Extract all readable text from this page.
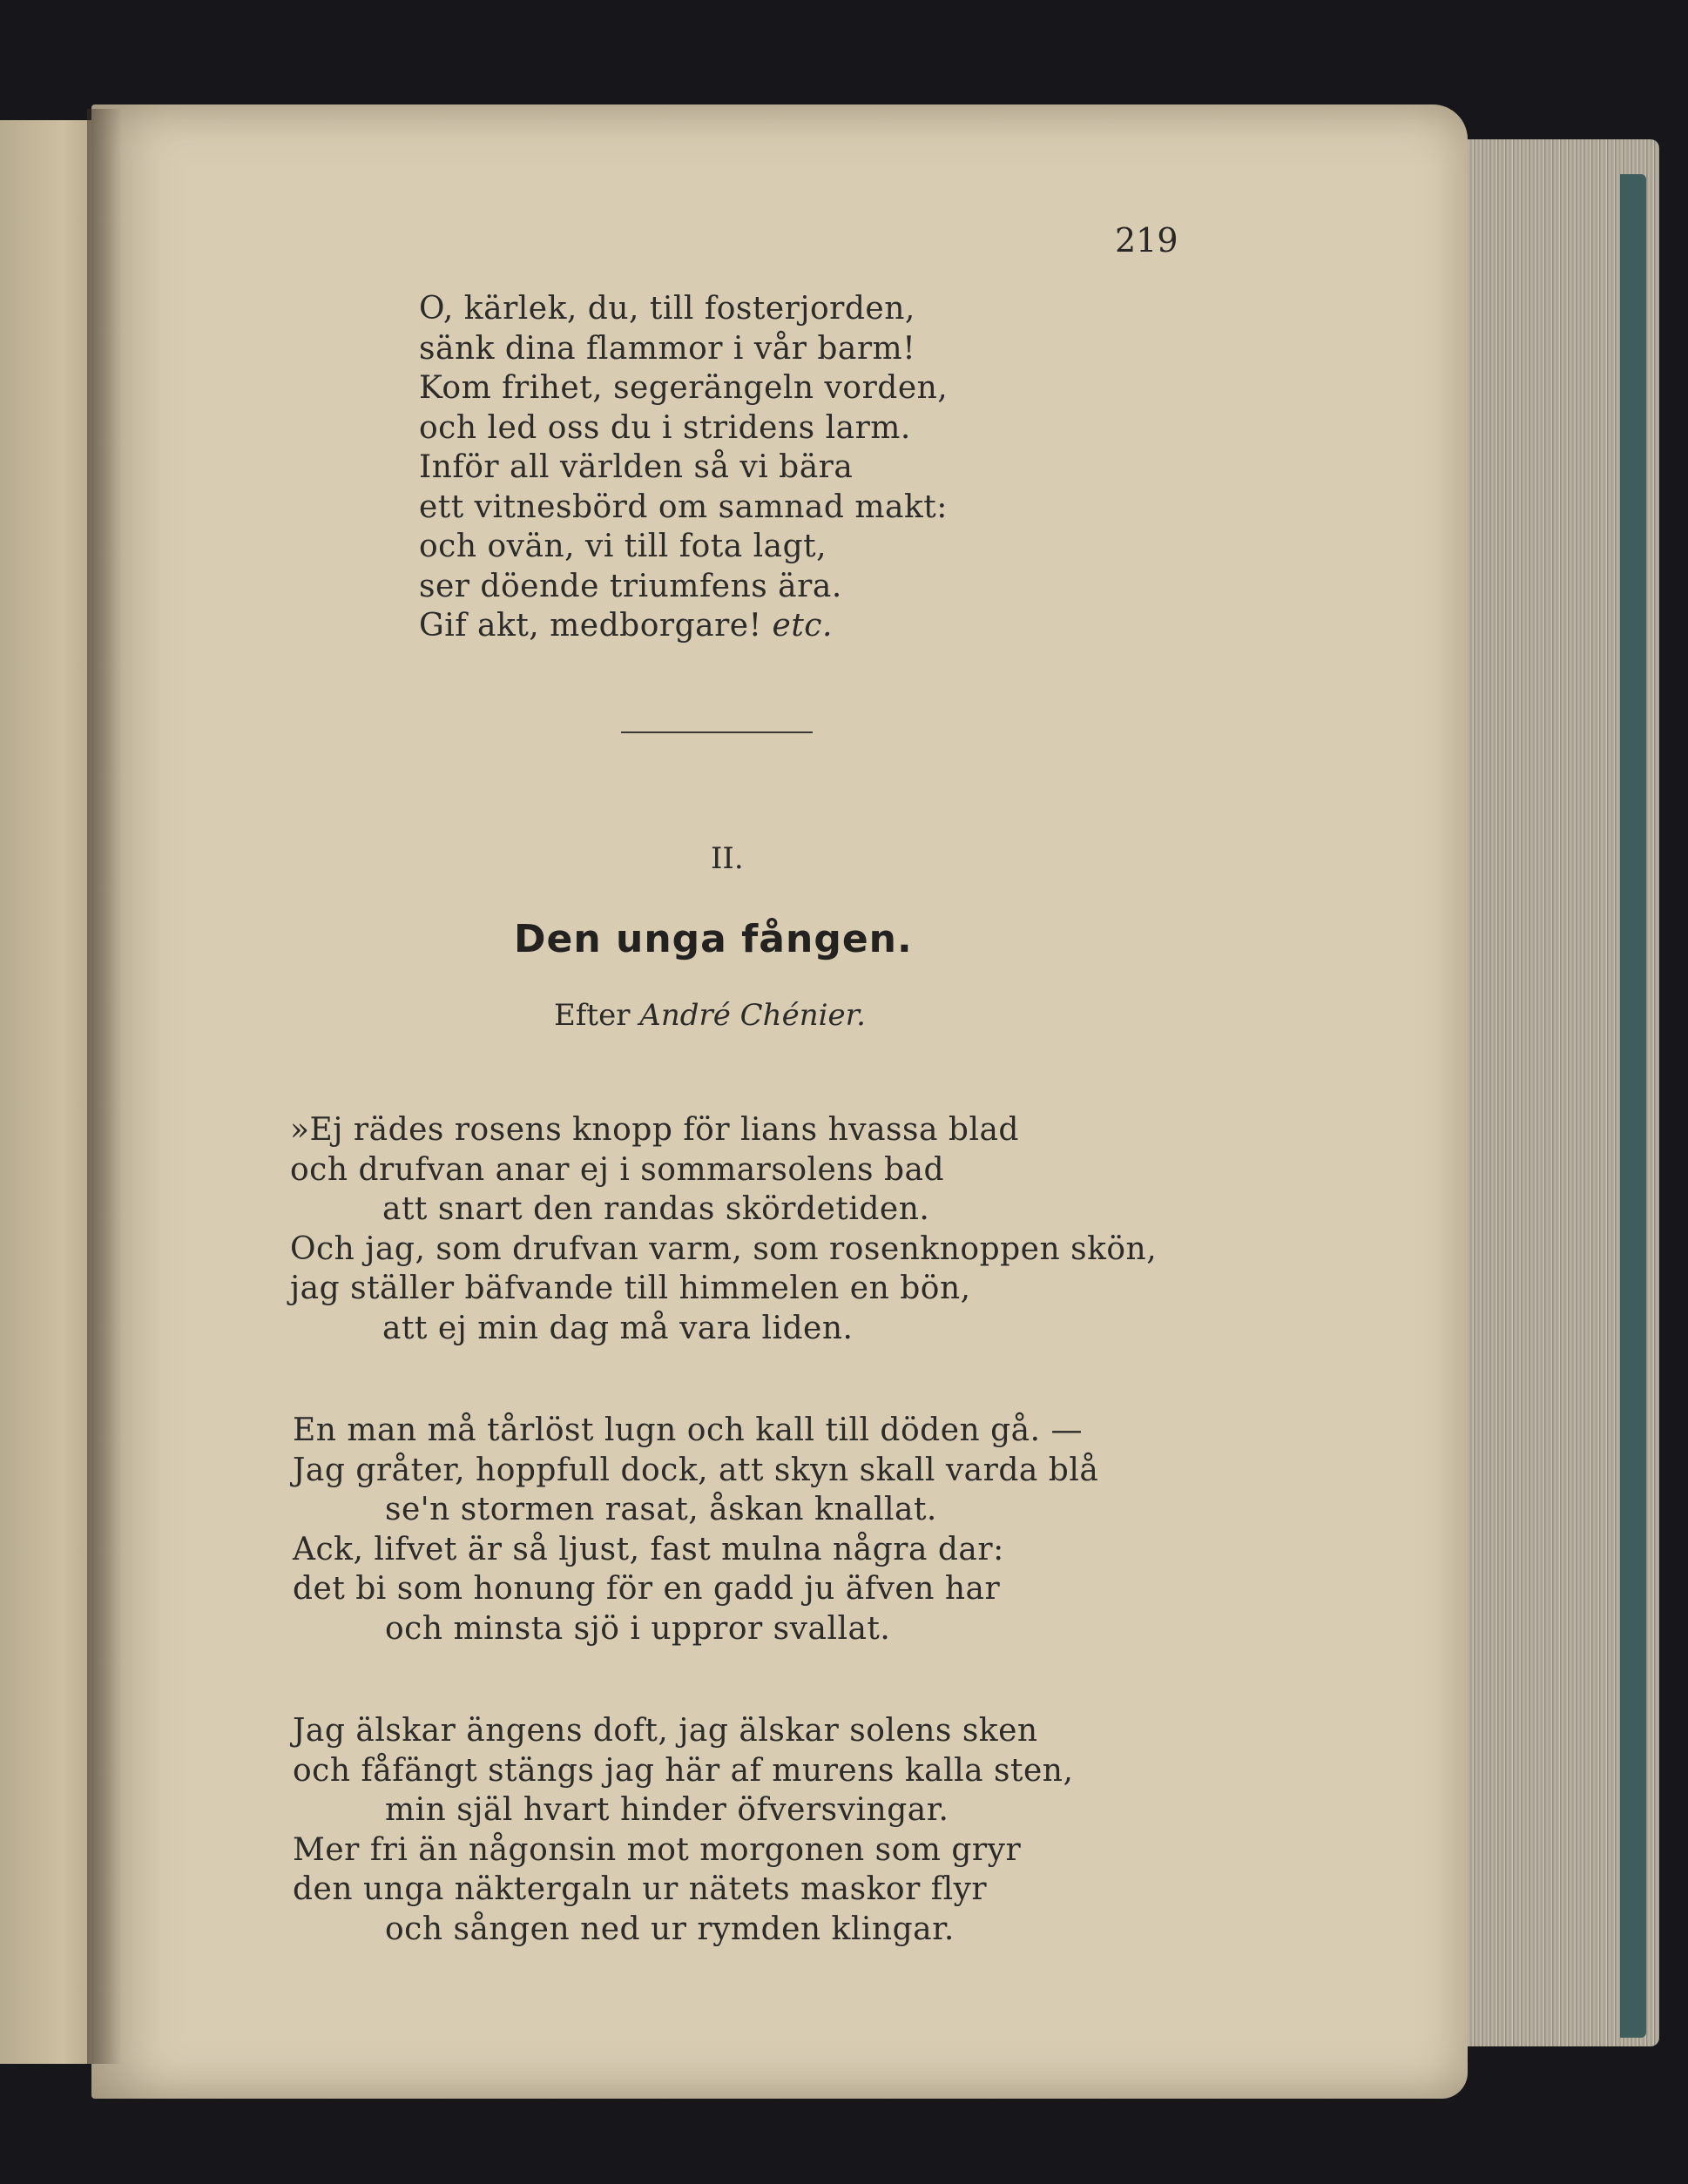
219
O, kärlek, du, till fosterjorden,
sänk dina flammor i vår barm!
Kom frihet, segerängeln vorden,
och led oss du i stridens larm.
Inför all världen så vi bära
ett vitnesbörd om samnad makt:
och ovän, vi till fota lagt,
ser döende triumfens ära.
Gif akt, medborgare! etc.
II.
Den unga fången.
Efter André Chénier.
»Ej rädes rosens knopp för lians hvassa blad
och drufvan anar ej i sommarsolens bad
att snart den randas skördetiden.
Och jag, som drufvan varm, som rosenknoppen skön,
jag ställer bäfvande till himmelen en bön,
att ej min dag må vara liden.
En man må tårlöst lugn och kall till döden gå. —
Jag gråter, hoppfull dock, att skyn skall varda blå
se'n stormen rasat, åskan knallat.
Ack, lifvet är så ljust, fast mulna några dar:
det bi som honung för en gadd ju äfven har
och minsta sjö i uppror svallat.
Jag älskar ängens doft, jag älskar solens sken
och fåfängt stängs jag här af murens kalla sten,
min själ hvart hinder öfversvingar.
Mer fri än någonsin mot morgonen som gryr
den unga näktergaln ur nätets maskor flyr
och sången ned ur rymden klingar.
